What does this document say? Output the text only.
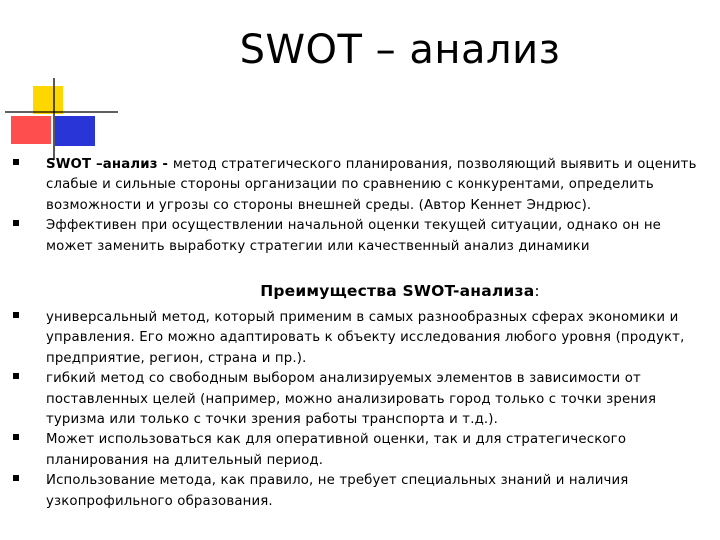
SWOT – анализ
SWOT –анализ - метод стратегического планирования, позволяющий выявить и оценить слабые и сильные стороны организации по сравнению с конкурентами, определить возможности и угрозы со стороны внешней среды. (Автор Кеннет Эндрюс).
Эффективен при осуществлении начальной оценки текущей ситуации, однако он не может заменить выработку стратегии или качественный анализ динамики
Преимущества SWOT-анализа:
универсальный метод, который применим в самых разнообразных сферах экономики и управления. Его можно адаптировать к объекту исследования любого уровня (продукт, предприятие, регион, страна и пр.).
гибкий метод со свободным выбором анализируемых элементов в зависимости от поставленных целей (например, можно анализировать город только с точки зрения туризма или только с точки зрения работы транспорта и т.д.).
Может использоваться как для оперативной оценки, так и для стратегического планирования на длительный период.
Использование метода, как правило, не требует специальных знаний и наличия узкопрофильного образования.
